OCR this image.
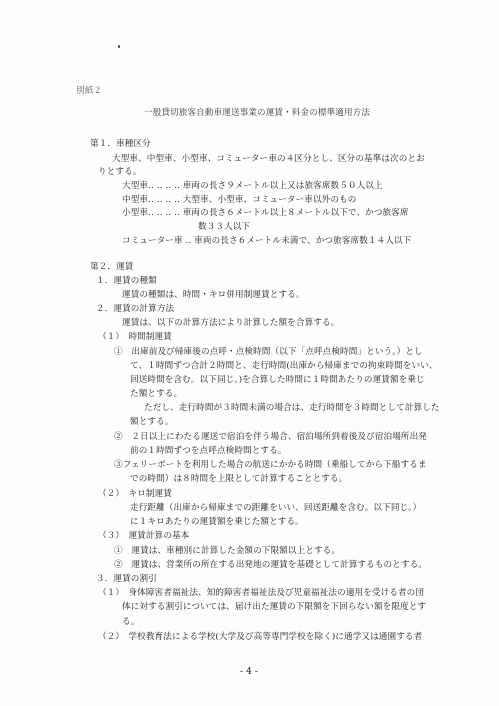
別紙２
一般貸切旅客自動車運送事業の運賃・料金の標準適用方法
第１．車種区分
大型車、中型車、小型車、コミューター車の４区分とし、区分の基準は次のとお
りとする。
大型車‥ ‥ ‥ ‥ 車両の長さ９メートル以上又は旅客席数５０人以上
中型車‥ ‥ ‥ ‥ 大型車、小型車、コミューター車以外のもの
小型車‥ ‥ ‥ ‥ 車両の長さ６メートル以上８メートル以下で、かつ旅客席
数３３人以下
コミューター車 ‥ 車両の長さ６メートル未満で、かつ旅客席数１４人以下
第２．運賃
１．運賃の種類
運賃の種類は、時間・キロ併用制運賃とする。
２．運賃の計算方法
運賃は、以下の計算方法により計算した額を合算する。
（１）　時間制運賃
①　出庫前及び帰庫後の点呼・点検時間（以下「点呼点検時間」という。）とし
て、１時間ずつ合計２時間と、走行時間(出庫から帰庫までの拘束時間をいい、
回送時間を含む。以下同じ。)を合算した時間に１時間あたりの運賃額を乗じ
た額とする。
ただし、走行時間が３時間未満の場合は、走行時間を３時間として計算した
額とする。
②　２日以上にわたる運送で宿泊を伴う場合、宿泊場所到着後及び宿泊場所出発
前の１時間ずつを点呼点検時間とする。
③フェリーボートを利用した場合の航送にかかる時間（乗船してから下船するま
での時間）は８時間を上限として計算することとする。
（２）　キロ制運賃
走行距離（出庫から帰庫までの距離をいい、回送距離を含む。以下同じ。）
に１キロあたりの運賃額を乗じた額とする。
（３）　運賃計算の基本
①　運賃は、車種別に計算した金額の下限額以上とする。
②　運賃は、営業所の所在する出発地の運賃を基礎として計算するものとする。
３．運賃の割引
（１）　身体障害者福祉法、知的障害者福祉法及び児童福祉法の適用を受ける者の団
体に対する割引については、届け出た運賃の下限額を下回らない額を限度とす
る。
（２）　学校教育法による学校(大学及び高等専門学校を除く)に通学又は通園する者
- 4 -
